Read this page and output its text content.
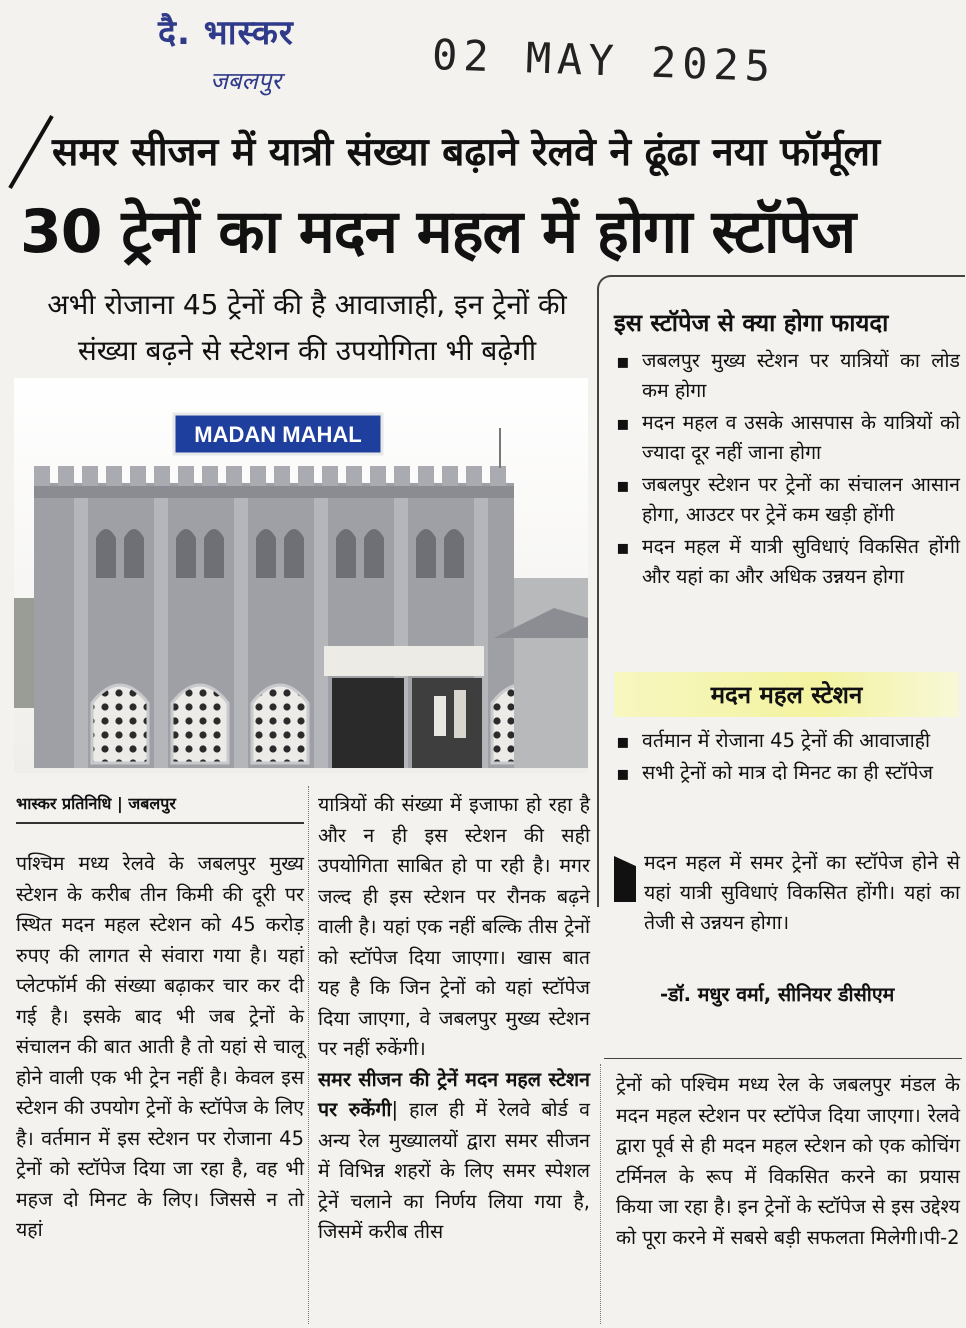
दै. भास्कर
जबलपुर	02 MAY 2025
समर सीजन में यात्री संख्या बढ़ाने रेलवे ने ढूंढा नया फॉर्मूला
30 ट्रेनों का मदन महल में होगा स्टॉपेज
अभी रोजाना 45 ट्रेनों की है आवाजाही, इन ट्रेनों की संख्या बढ़ने से स्टेशन की उपयोगिता भी बढ़ेगी
MADAN MAHAL
इस स्टॉपेज से क्या होगा फायदा
▪ जबलपुर मुख्य स्टेशन पर यात्रियों का लोड कम होगा
▪ मदन महल व उसके आसपास के यात्रियों को ज्यादा दूर नहीं जाना होगा
▪ जबलपुर स्टेशन पर ट्रेनों का संचालन आसान होगा, आउटर पर ट्रेनें कम खड़ी होंगी
▪ मदन महल में यात्री सुविधाएं विकसित होंगी और यहां का और अधिक उन्नयन होगा
मदन महल स्टेशन
▪ वर्तमान में रोजाना 45 ट्रेनों की आवाजाही
▪ सभी ट्रेनों को मात्र दो मिनट का ही स्टॉपेज
मदन महल में समर ट्रेनों का स्टॉपेज होने से यहां यात्री सुविधाएं विकसित होंगी। यहां का तेजी से उन्नयन होगा।
-डॉ. मधुर वर्मा, सीनियर डीसीएम
भास्कर प्रतिनिधि | जबलपुर
पश्चिम मध्य रेलवे के जबलपुर मुख्य स्टेशन के करीब तीन किमी की दूरी पर स्थित मदन महल स्टेशन को 45 करोड़ रुपए की लागत से संवारा गया है। यहां प्लेटफॉर्म की संख्या बढ़ाकर चार कर दी गई है। इसके बाद भी जब ट्रेनों के संचालन की बात आती है तो यहां से चालू होने वाली एक भी ट्रेन नहीं है। केवल इस स्टेशन की उपयोग ट्रेनों के स्टॉपेज के लिए है। वर्तमान में इस स्टेशन पर रोजाना 45 ट्रेनों को स्टॉपेज दिया जा रहा है, वह भी महज दो मिनट के लिए। जिससे न तो यहां
यात्रियों की संख्या में इजाफा हो रहा है और न ही इस स्टेशन की सही उपयोगिता साबित हो पा रही है। मगर जल्द ही इस स्टेशन पर रौनक बढ़ने वाली है। यहां एक नहीं बल्कि तीस ट्रेनों को स्टॉपेज दिया जाएगा। खास बात यह है कि जिन ट्रेनों को यहां स्टॉपेज दिया जाएगा, वे जबलपुर मुख्य स्टेशन पर नहीं रुकेंगी।
समर सीजन की ट्रेनें मदन महल स्टेशन पर रुकेंगी| हाल ही में रेलवे बोर्ड व अन्य रेल मुख्यालयों द्वारा समर सीजन में विभिन्न शहरों के लिए समर स्पेशल ट्रेनें चलाने का निर्णय लिया गया है, जिसमें करीब तीस
ट्रेनों को पश्चिम मध्य रेल के जबलपुर मंडल के मदन महल स्टेशन पर स्टॉपेज दिया जाएगा। रेलवे द्वारा पूर्व से ही मदन महल स्टेशन को एक कोचिंग टर्मिनल के रूप में विकसित करने का प्रयास किया जा रहा है। इन ट्रेनों के स्टॉपेज से इस उद्देश्य को पूरा करने में सबसे बड़ी सफलता मिलेगी।पी-2
